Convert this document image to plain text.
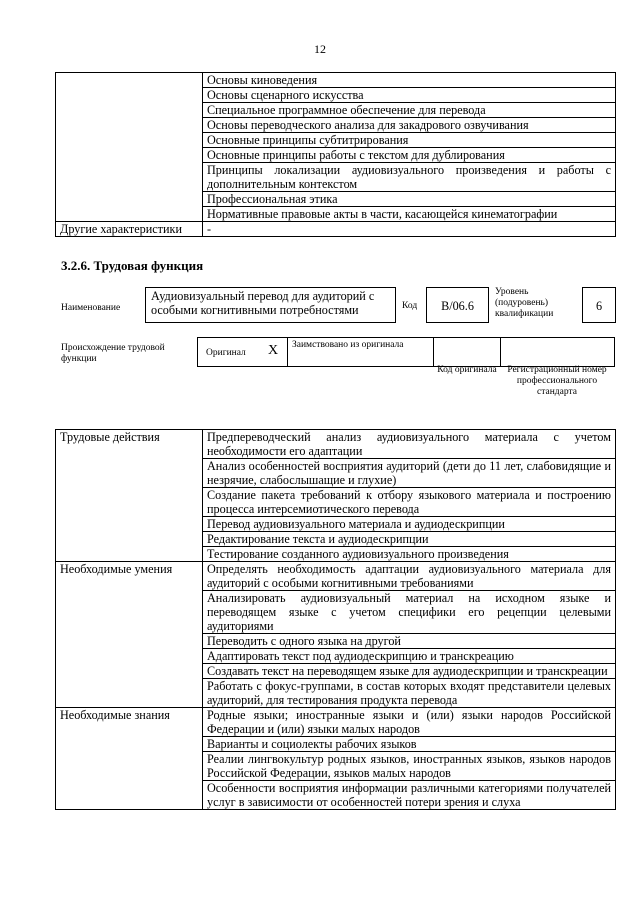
12
	Основы киноведения
	Основы сценарного искусства
	Специальное программное обеспечение для перевода
	Основы переводческого анализа для закадрового озвучивания
	Основные принципы субтитрирования
	Основные принципы работы с текстом для дублирования
	Принципы локализации аудиовизуального произведения и работы с дополнительным контекстом
	Профессиональная этика
	Нормативные правовые акты в части, касающейся кинематографии
Другие характеристики	-
3.2.6. Трудовая функция
Наименование
Аудиовизуальный перевод для аудиторий с особыми когнитивными потребностями	Код	B/06.6
Уровень (подуровень) квалификации
6
Происхождение трудовой функции
Оригинал X Заимствовано из оригинала
Код оригинала Регистрационный номер профессионального стандарта
Трудовые действия	Предпереводческий анализ аудиовизуального материала с учетом необходимости его адаптации
	Анализ особенностей восприятия аудиторий (дети до 11 лет, слабовидящие и незрячие, слабослышащие и глухие)
	Создание пакета требований к отбору языкового материала и построению процесса интерсемиотического перевода
	Перевод аудиовизуального материала и аудиодескрипции
	Редактирование текста и аудиодескрипции
	Тестирование созданного аудиовизуального произведения
Необходимые умения	Определять необходимость адаптации аудиовизуального материала для аудиторий с особыми когнитивными требованиями
	Анализировать аудиовизуальный материал на исходном языке и переводящем языке с учетом специфики его рецепции целевыми аудиториями
	Переводить с одного языка на другой
	Адаптировать текст под аудиодескрипцию и транскреацию
	Создавать текст на переводящем языке для аудиодескрипции и транскреации
	Работать с фокус-группами, в состав которых входят представители целевых аудиторий, для тестирования продукта перевода
Необходимые знания	Родные языки; иностранные языки и (или) языки народов Российской Федерации и (или) языки малых народов
	Варианты и социолекты рабочих языков
	Реалии лингвокультур родных языков, иностранных языков, языков народов Российской Федерации, языков малых народов
	Особенности восприятия информации различными категориями получателей услуг в зависимости от особенностей потери зрения и слуха
